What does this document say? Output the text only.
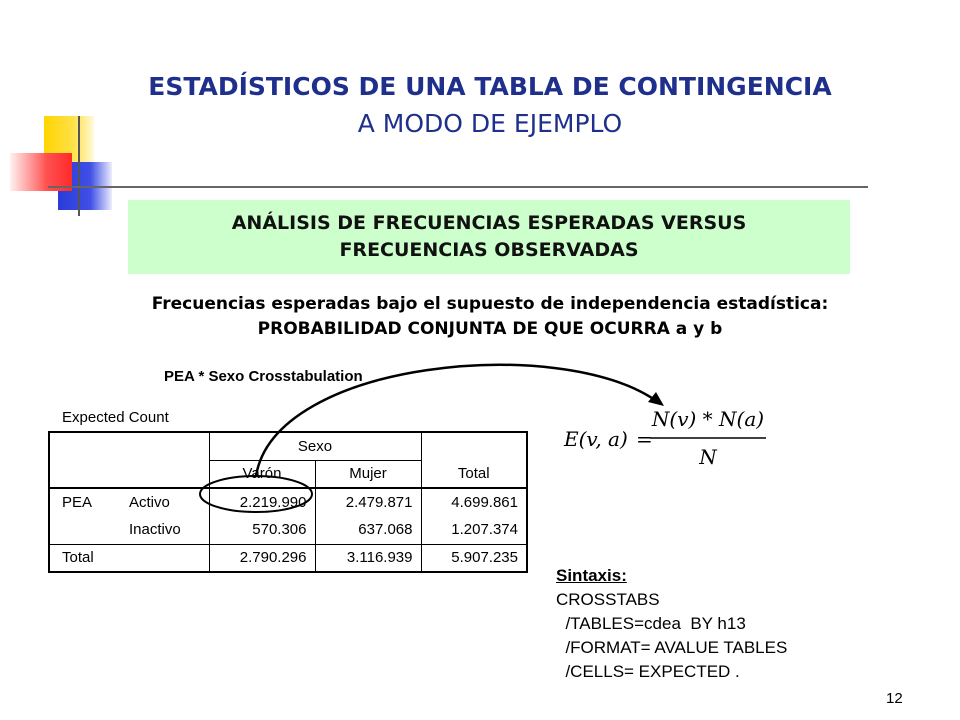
ESTADÍSTICOS DE UNA TABLA DE CONTINGENCIA
A MODO DE EJEMPLO
ANÁLISIS DE FRECUENCIAS ESPERADAS VERSUS
FRECUENCIAS OBSERVADAS
Frecuencias esperadas bajo el supuesto de independencia estadística:
PROBABILIDAD CONJUNTA DE QUE OCURRA a y b
PEA * Sexo Crosstabulation
Expected Count
		Sexo		
		Varón	Mujer	Total
PEA	Activo	2.219.990	2.479.871	4.699.861
	Inactivo	570.306	637.068	1.207.374
Total		2.790.296	3.116.939	5.907.235
E(v, a) =
N(v) * N(a)
N
Sintaxis:
CROSSTABS
/TABLES=cdea  BY h13
/FORMAT= AVALUE TABLES
/CELLS= EXPECTED .
12
